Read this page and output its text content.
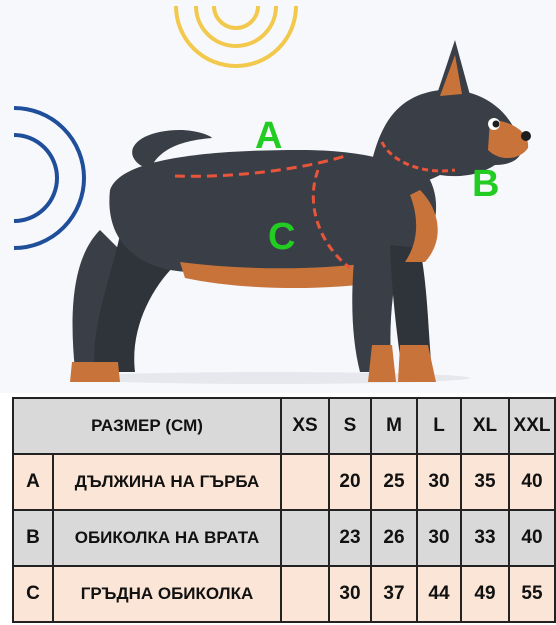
A
B
C
РАЗМЕР (СМ)		XS	S	M	L	XL	XXL
A	ДЪЛЖИНА НА ГЪРБА		20	25	30	35	40
B	ОБИКОЛКА НА ВРАТА		23	26	30	33	40
C	ГРЪДНА ОБИКОЛКА		30	37	44	49	55
